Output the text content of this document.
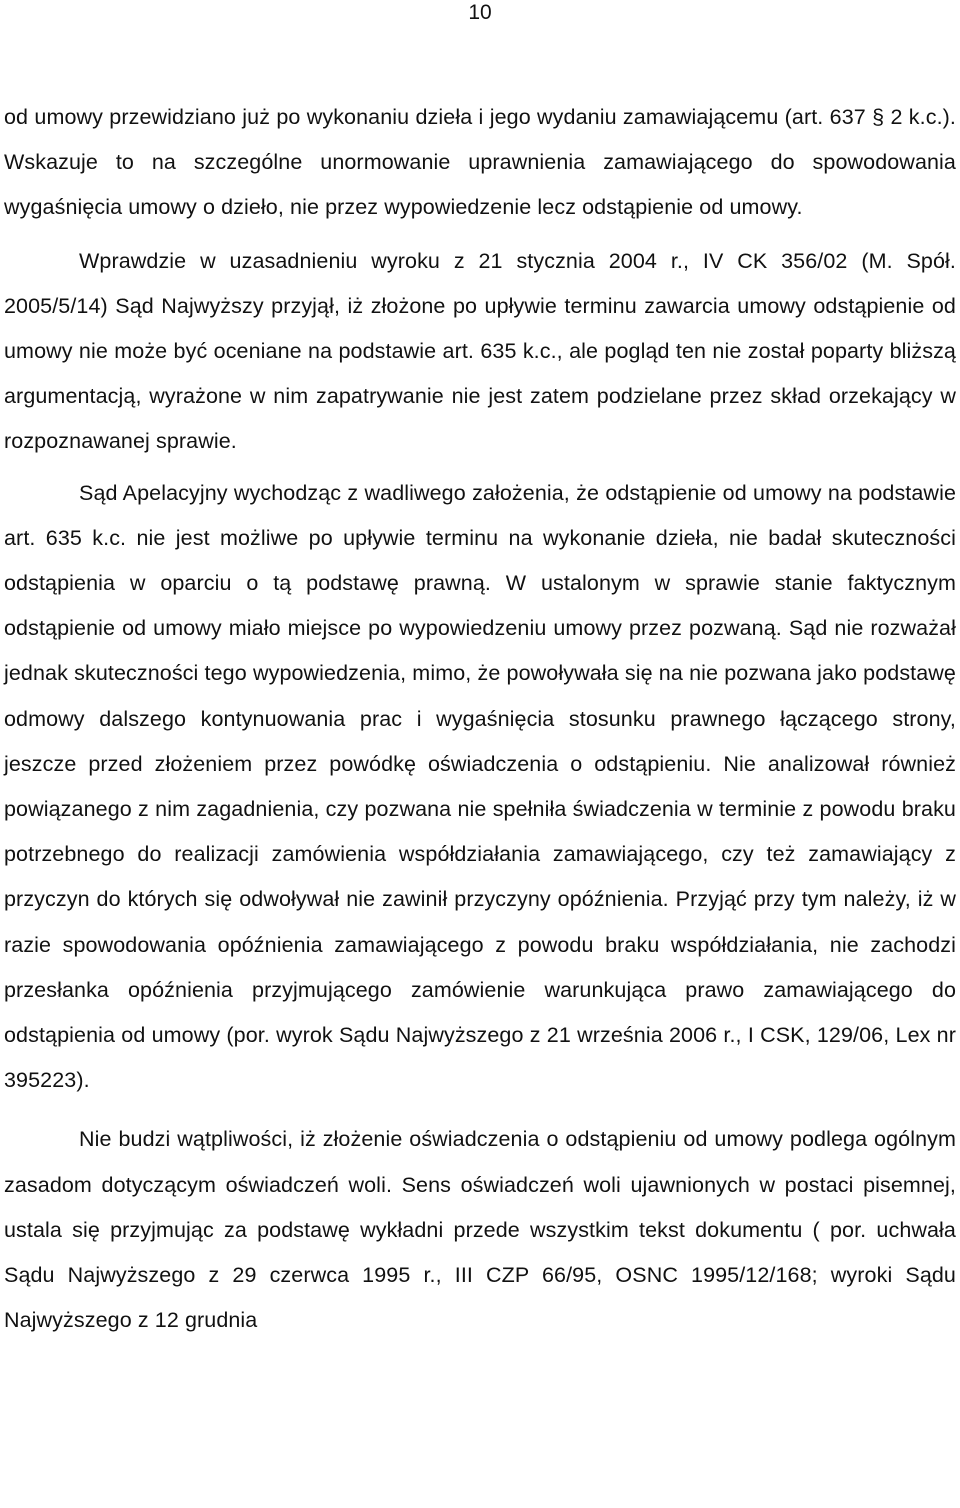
10

od umowy przewidziano już po wykonaniu dzieła i jego wydaniu zamawiającemu (art. 637 § 2 k.c.). Wskazuje to na szczególne unormowanie uprawnienia zamawiającego do spowodowania wygaśnięcia umowy o dzieło, nie przez wypowiedzenie lecz odstąpienie od umowy.

Wprawdzie w uzasadnieniu wyroku z 21 stycznia 2004 r., IV CK 356/02 (M. Spół. 2005/5/14) Sąd Najwyższy przyjął, iż złożone po upływie terminu zawarcia umowy odstąpienie od umowy nie może być oceniane na podstawie art. 635 k.c., ale pogląd ten nie został poparty bliższą argumentacją, wyrażone w nim zapatrywanie nie jest zatem podzielane przez skład orzekający w rozpoznawanej sprawie.

Sąd Apelacyjny wychodząc z wadliwego założenia, że odstąpienie od umowy na podstawie art. 635 k.c. nie jest możliwe po upływie terminu na wykonanie dzieła, nie badał skuteczności odstąpienia w oparciu o tą podstawę prawną. W ustalonym w sprawie stanie faktycznym odstąpienie od umowy miało miejsce po wypowiedzeniu umowy przez pozwaną. Sąd nie rozważał jednak skuteczności tego wypowiedzenia, mimo, że powoływała się na nie pozwana jako podstawę odmowy dalszego kontynuowania prac i wygaśnięcia stosunku prawnego łączącego strony, jeszcze przed złożeniem przez powódkę oświadczenia o odstąpieniu. Nie analizował również powiązanego z nim zagadnienia, czy pozwana nie spełniła świadczenia w terminie z powodu braku potrzebnego do realizacji zamówienia współdziałania zamawiającego, czy też zamawiający z przyczyn do których się odwoływał nie zawinił przyczyny opóźnienia. Przyjąć przy tym należy, iż w razie spowodowania opóźnienia zamawiającego z powodu braku współdziałania, nie zachodzi przesłanka opóźnienia przyjmującego zamówienie warunkująca prawo zamawiającego do odstąpienia od umowy (por. wyrok Sądu Najwyższego z 21 września 2006 r., I CSK, 129/06, Lex nr 395223).

Nie budzi wątpliwości, iż złożenie oświadczenia o odstąpieniu od umowy podlega ogólnym zasadom dotyczącym oświadczeń woli. Sens oświadczeń woli ujawnionych w postaci pisemnej, ustala się przyjmując za podstawę wykładni przede wszystkim tekst dokumentu ( por. uchwała Sądu Najwyższego z 29 czerwca 1995 r., III CZP 66/95, OSNC 1995/12/168; wyroki Sądu Najwyższego z 12 grudnia
